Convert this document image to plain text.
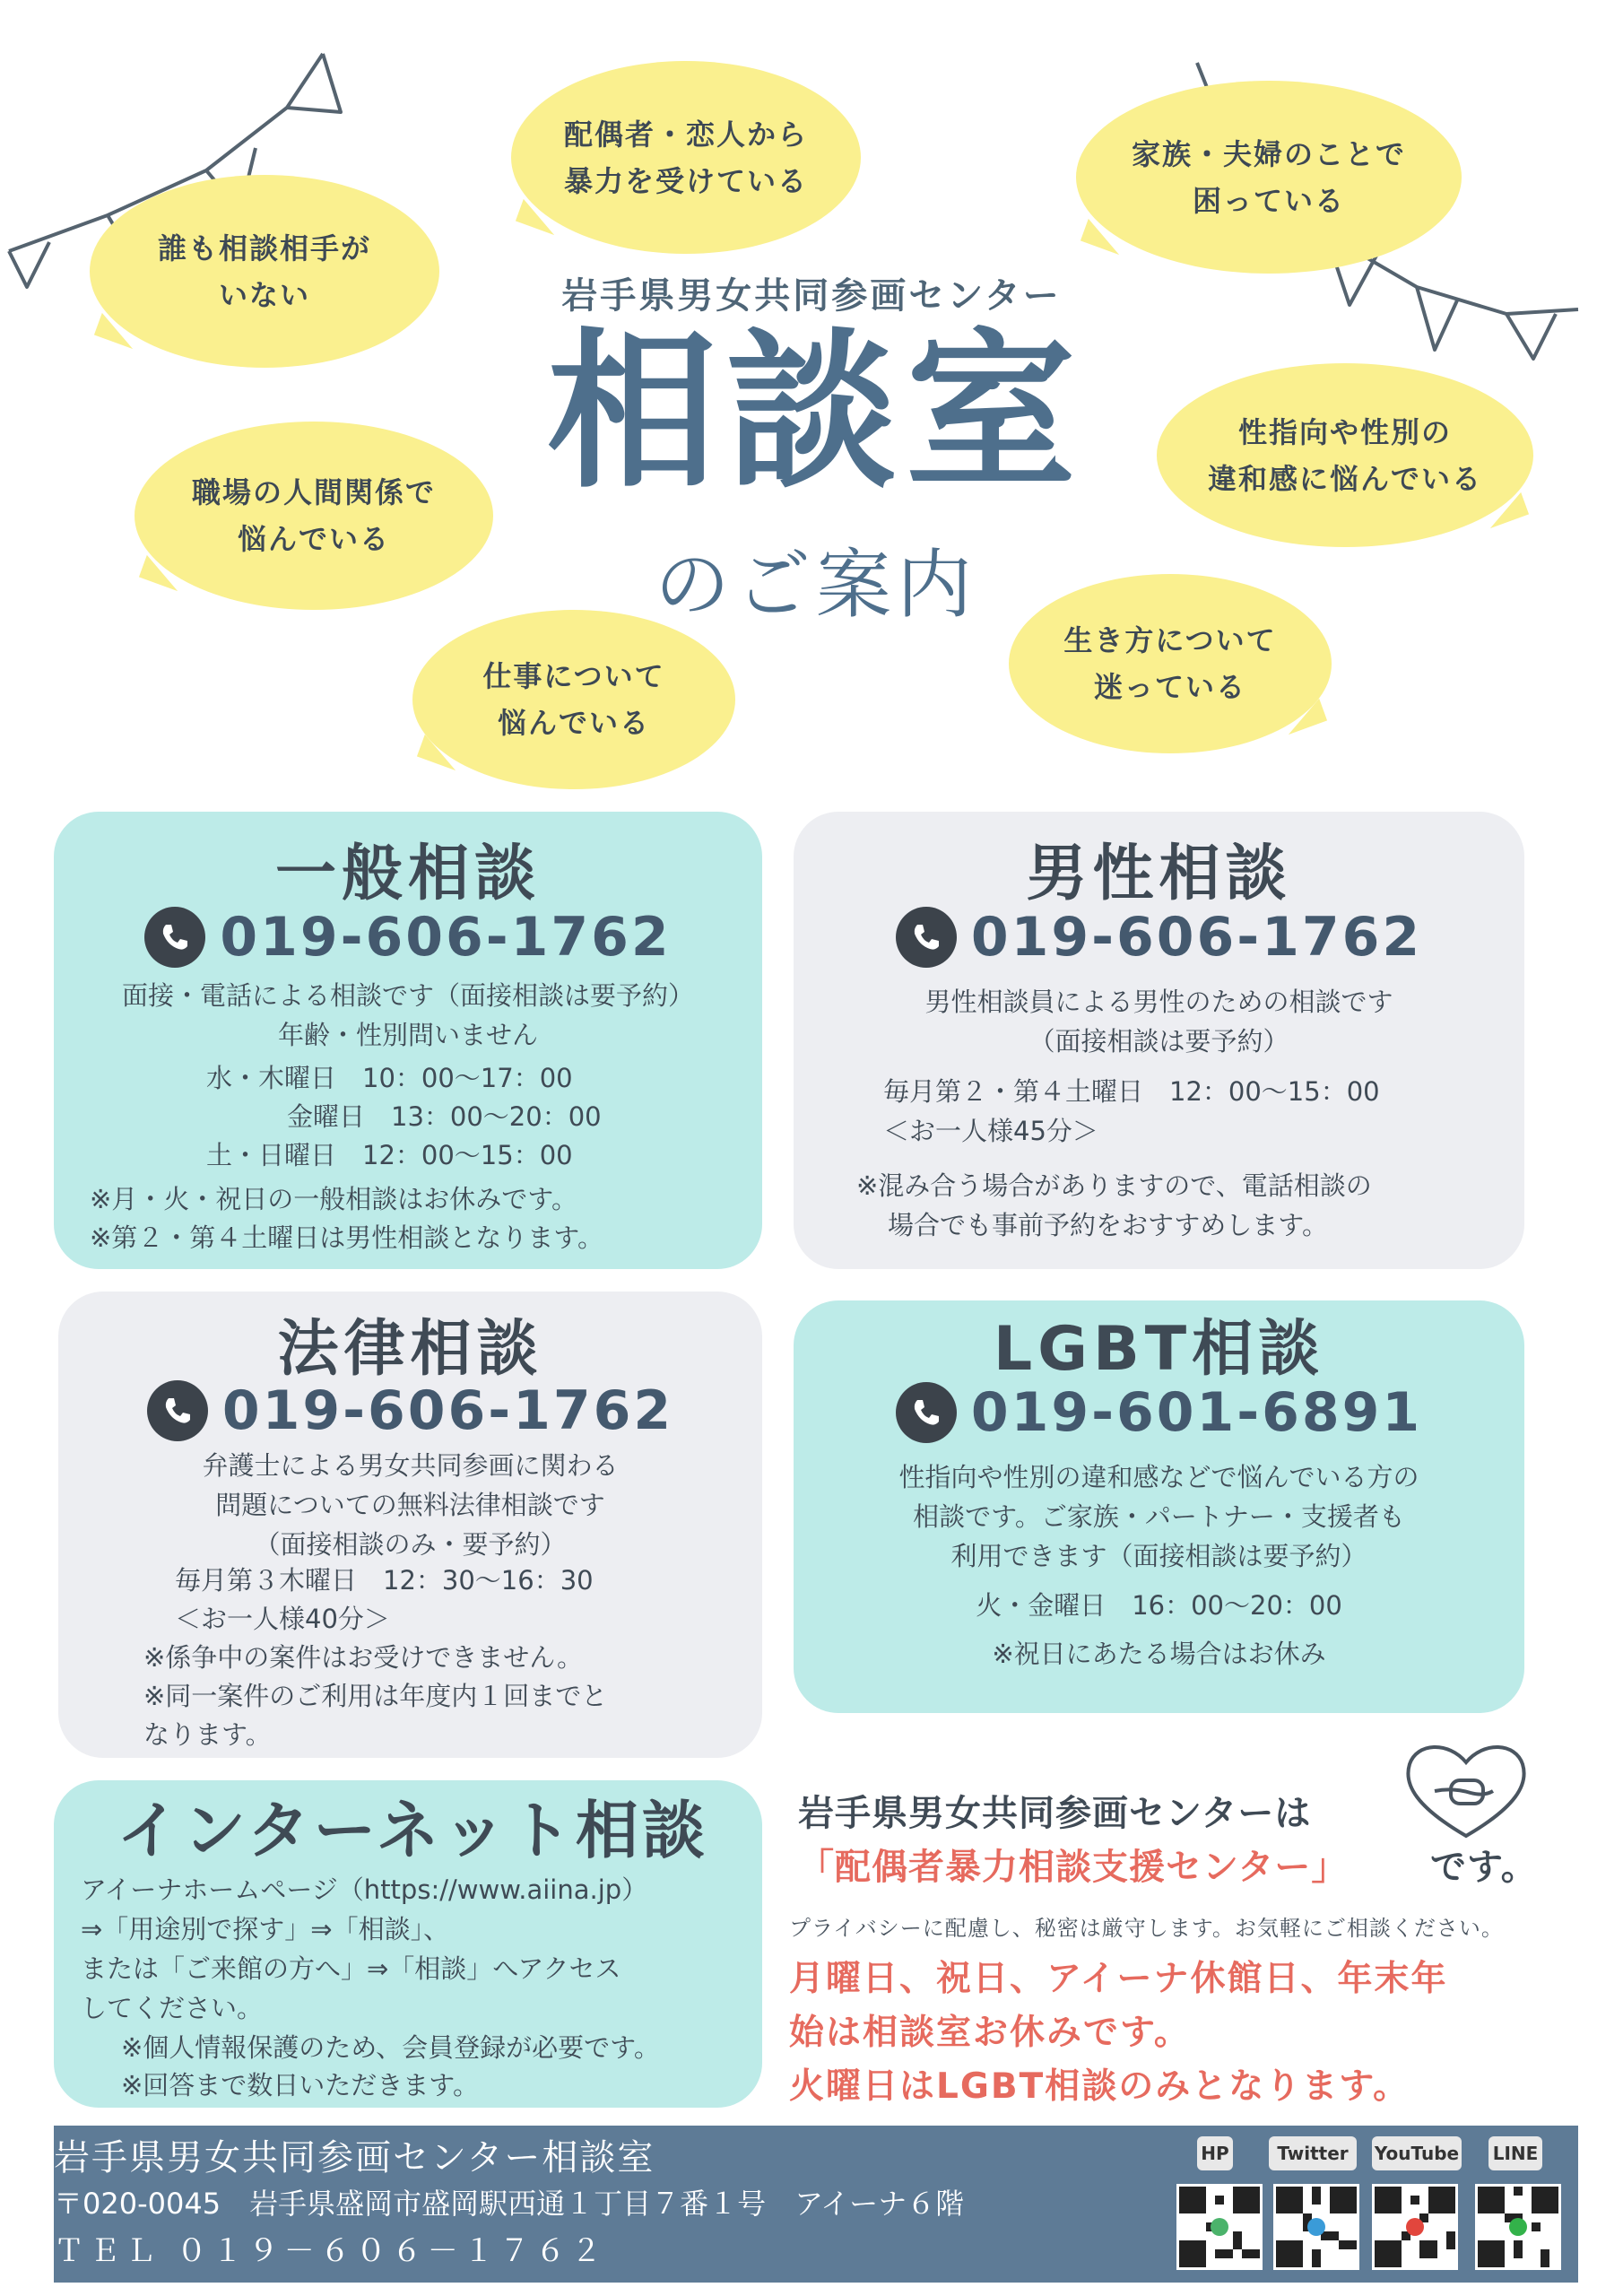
誰も相談相手が
いない
配偶者・恋人から
暴力を受けている
家族・夫婦のことで
困っている
職場の人間関係で
悩んでいる
性指向や性別の
違和感に悩んでいる
仕事について
悩んでいる
生き方について
迷っている
岩手県男女共同参画センター
相談室
のご案内
一般相談
019-606-1762
面接・電話による相談です（面接相談は要予約）
年齢・性別問いません
水・木曜日　10：00〜17：00
金曜日　13：00〜20：00
土・日曜日　12：00〜15：00
※月・火・祝日の一般相談はお休みです。
※第２・第４土曜日は男性相談となります。
男性相談
019-606-1762
男性相談員による男性のための相談です
（面接相談は要予約）
毎月第２・第４土曜日　12：00〜15：00
＜お一人様45分＞
※混み合う場合がありますので、電話相談の
場合でも事前予約をおすすめします。
法律相談
019-606-1762
弁護士による男女共同参画に関わる
問題についての無料法律相談です
（面接相談のみ・要予約）
毎月第３木曜日　12：30〜16：30
＜お一人様40分＞
※係争中の案件はお受けできません。
※同一案件のご利用は年度内１回までと
なります。
LGBT相談
019-601-6891
性指向や性別の違和感などで悩んでいる方の
相談です。ご家族・パートナー・支援者も
利用できます（面接相談は要予約）
火・金曜日　16：00〜20：00
※祝日にあたる場合はお休み
インターネット相談
アイーナホームページ（https://www.aiina.jp）
⇒「用途別で探す」⇒「相談」、
または「ご来館の方へ」⇒「相談」へアクセス
してください。
※個人情報保護のため、会員登録が必要です。
※回答まで数日いただきます。
岩手県男女共同参画センターは
「配偶者暴力相談支援センター」 です。
プライバシーに配慮し、秘密は厳守します。お気軽にご相談ください。
月曜日、祝日、アイーナ休館日、年末年
始は相談室お休みです。
火曜日はLGBT相談のみとなります。
岩手県男女共同参画センター相談室
〒020-0045　岩手県盛岡市盛岡駅西通１丁目７番１号　アイーナ６階
ＴＥＬ ０１９－６０６－１７６２
HP	Twitter	YouTube LINE
